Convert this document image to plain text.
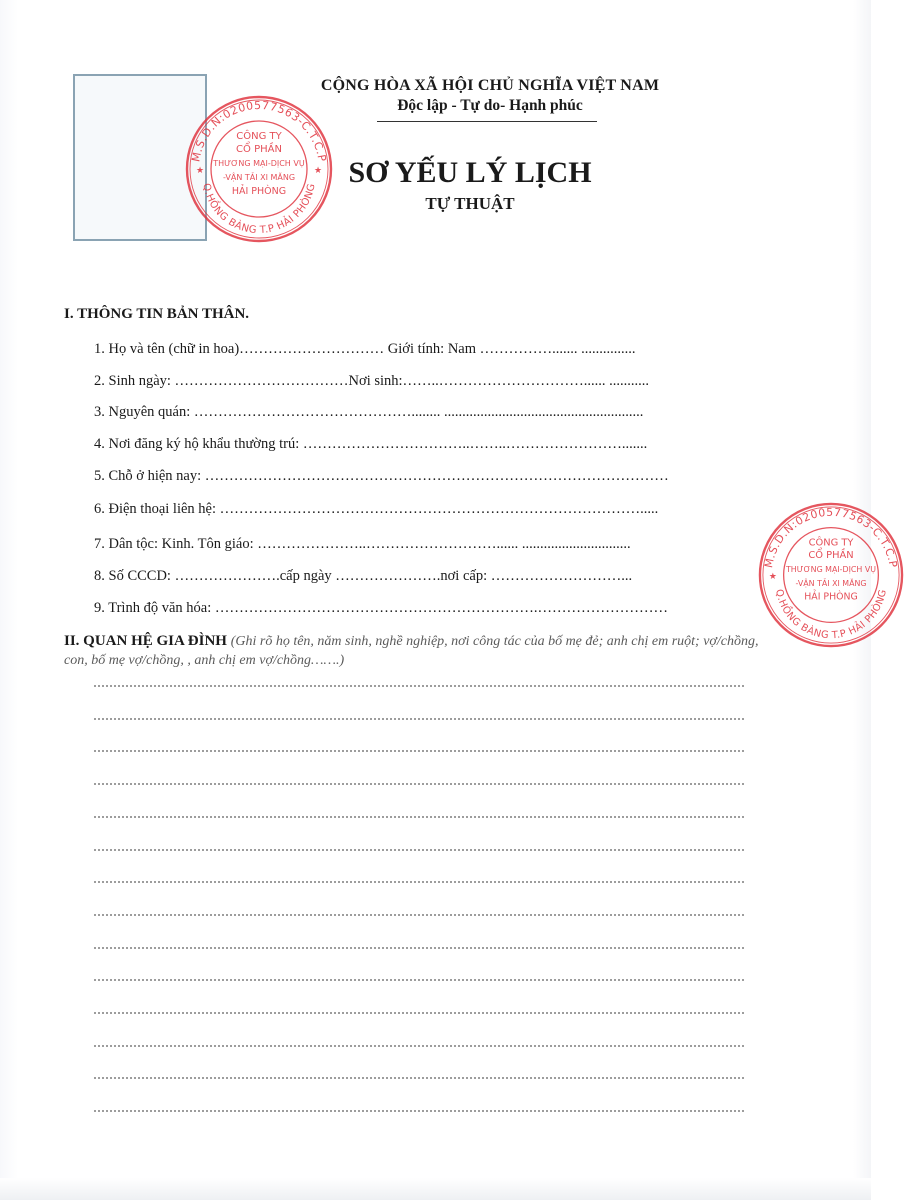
CỘNG HÒA XÃ HỘI CHỦ NGHĨA VIỆT NAM
Độc lập - Tự do- Hạnh phúc
SƠ YẾU LÝ LỊCH
TỰ THUẬT
M.S.D.N:0200577563-C.T.C.P
Q.HỒNG BÀNG T.P HẢI PHÒNG
CÔNG TY
CỔ PHẦN
THƯƠNG MẠI-DỊCH VỤ
-VẬN TẢI XI MĂNG
HẢI PHÒNG
★	★
M.S.D.N:0200577563-C.T.C.P
Q.HỒNG BÀNG T.P HẢI PHÒNG
CÔNG TY
CỔ PHẦN
THƯƠNG MẠI-DỊCH VỤ
-VẬN TẢI XI MĂNG
HẢI PHÒNG
★
I. THÔNG TIN BẢN THÂN.
1. Họ và tên (chữ in hoa)………………………… Giới tính: Nam ……………....... ...............
2. Sinh ngày: ………………………………Nơi sinh:……..…………………………...... ...........
3. Nguyên quán: ………………………………………........ .......................................................
4. Nơi đăng ký hộ khẩu thường trú: ……………………………..……..…………………….......
5. Chỗ ở hiện nay: ……………………………………………………………………………………
6. Điện thoại liên hệ: …………………………………………………………………………….....
7. Dân tộc: Kinh. Tôn giáo: …………………..………………………...... ..............................
8. Số CCCD: ………………….cấp ngày ………………….nơi cấp: ………………………...
9. Trình độ văn hóa: ………………………………………………………….………………………
II. QUAN HỆ GIA ĐÌNH (Ghi rõ họ tên, năm sinh, nghề nghiệp, nơi công tác của bố mẹ đẻ; anh chị em ruột; vợ/chồng, con, bố mẹ vợ/chồng, , anh chị em vợ/chồng…….)
